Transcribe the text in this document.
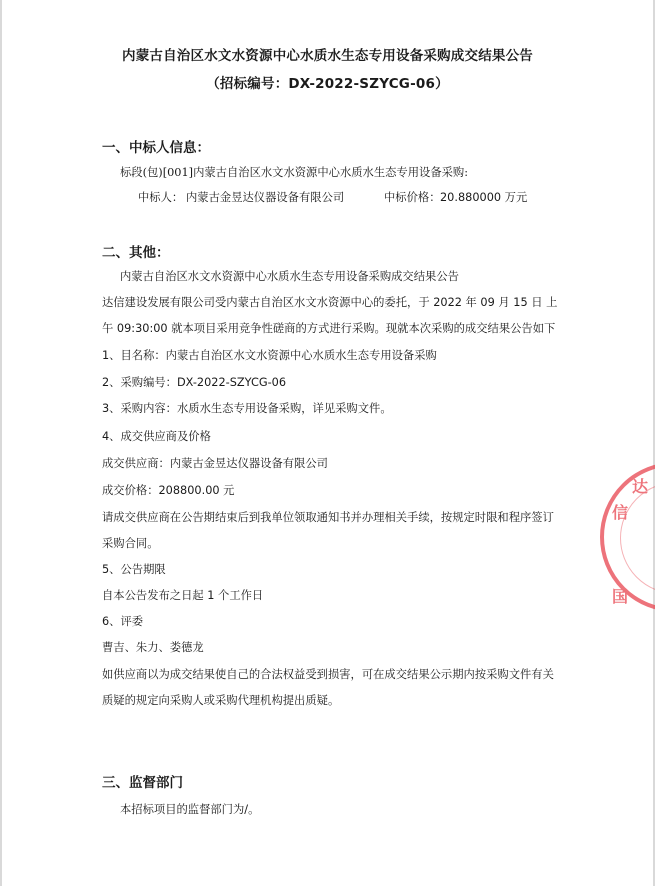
内蒙古自治区水文水资源中心水质水生态专用设备采购成交结果公告
（招标编号：DX-2022-SZYCG-06）
一、中标人信息：
标段(包)[001]内蒙古自治区水文水资源中心水质水生态专用设备采购:
中标人： 内蒙古金昱达仪器设备有限公司	中标价格： 20.880000 万元
二、其他：
内蒙古自治区水文水资源中心水质水生态专用设备采购成交结果公告
达信建设发展有限公司受内蒙古自治区水文水资源中心的委托，于 2022 年 09 月 15 日 上
午 09:30:00 就本项目采用竞争性磋商的方式进行采购。现就本次采购的成交结果公告如下
1、目名称：内蒙古自治区水文水资源中心水质水生态专用设备采购
2、采购编号：DX-2022-SZYCG-06
3、采购内容：水质水生态专用设备采购，详见采购文件。
4、成交供应商及价格
成交供应商：内蒙古金昱达仪器设备有限公司
成交价格：208800.00 元
请成交供应商在公告期结束后到我单位领取通知书并办理相关手续，按规定时限和程序签订
采购合同。
5、公告期限
自本公告发布之日起 1 个工作日
6、评委
曹吉、朱力、娄德龙
如供应商以为成交结果使自己的合法权益受到损害，可在成交结果公示期内按采购文件有关
质疑的规定向采购人或采购代理机构提出质疑。
三、监督部门
本招标项目的监督部门为/。
达
信
国
